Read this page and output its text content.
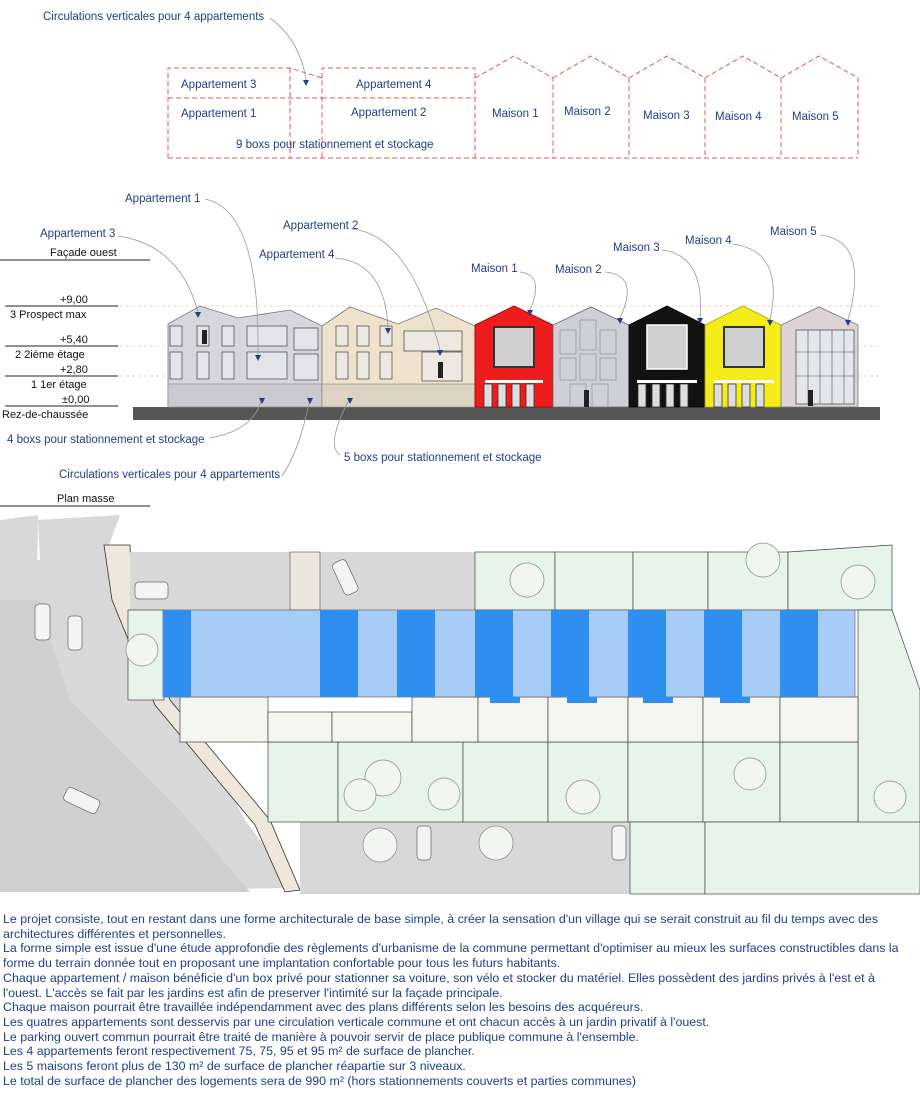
Circulations verticales pour 4 appartements
Appartement 3
Appartement 1
Appartement 4
Appartement 2	Maison 1 Maison 2	Maison 3 Maison 4	Maison 5
9 boxs pour stationnement et stockage
Façade ouest
+9,00
3 Prospect max
+5,40
2 2ième étage
+2,80
1 1er étage
±0,00
Rez-de-chaussée
Appartement 1
Appartement 3
Appartement 2
Appartement 4
Maison 1	Maison 2
Maison 3
Maison 4
Maison 5
4 boxs pour stationnement et stockage
Circulations verticales pour 4 appartements
5 boxs pour stationnement et stockage
Plan masse

Le projet consiste, tout en restant dans une forme architecturale de base simple, à créer la sensation d'un village qui se serait construit au fil du temps avec des architectures différentes et personnelles.

La forme simple est issue d'une étude approfondie des règlements d'urbanisme de la commune permettant d'optimiser au mieux les surfaces constructibles dans la forme du terrain donnée tout en proposant une implantation confortable pour tous les futurs habitants.

Chaque appartement / maison bénéficie d'un box privé pour stationner sa voiture, son vélo et stocker du matériel. Elles possèdent des jardins privés à l'est et à l'ouest. L'accès se fait par les jardins est afin de preserver l'intimité sur la façade principale.

Chaque maison pourrait être travaillée indépendamment avec des plans différents selon les besoins des acquéreurs.

Les quatres appartements sont desservis par une circulation verticale commune et ont chacun accès à un jardin privatif à l'ouest.

Le parking ouvert commun pourrait être traité de manière à pouvoir servir de place publique commune à l'ensemble.

Les 4 appartements feront respectivement 75, 75, 95 et 95 m² de surface de plancher.

Les 5 maisons feront plus de 130 m² de surface de plancher réapartie sur 3 niveaux.

Le total de surface de plancher des logements sera de 990 m² (hors stationnements couverts et parties communes)
